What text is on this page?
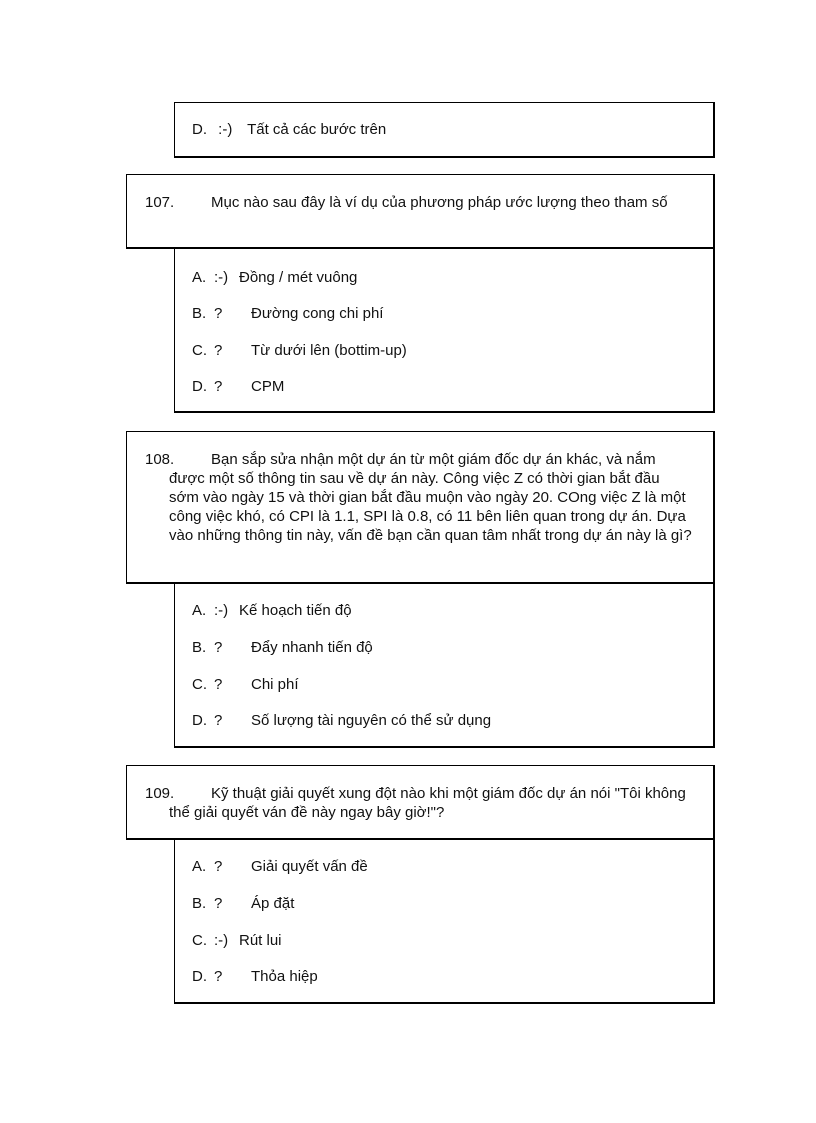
D. :-) Tất cả các bước trên
107. Mục nào sau đây là ví dụ của phương pháp ước lượng theo tham số
A. :-) Đồng / mét vuông
B. ? Đường cong chi phí
C. ? Từ dưới lên (bottim-up)
D. ? CPM
108. Bạn sắp sửa nhận một dự án từ một giám đốc dự án khác, và nắm được một số thông tin sau về dự án này. Công việc Z có thời gian bắt đầu sớm vào ngày 15 và thời gian bắt đầu muộn vào ngày 20. COng việc Z là một công việc khó, có CPI là 1.1, SPI là 0.8, có 11 bên liên quan trong dự án. Dựa vào những thông tin này, vấn đề bạn cần quan tâm nhất trong dự án này là gì?
A. :-) Kế hoạch tiến độ
B. ? Đẩy nhanh tiến độ
C. ? Chi phí
D. ? Số lượng tài nguyên có thể sử dụng
109. Kỹ thuật giải quyết xung đột nào khi một giám đốc dự án nói "Tôi không thể giải quyết ván đề này ngay bây giờ!"?
A. ? Giải quyết vấn đề
B. ? Áp đặt
C. :-) Rút lui
D. ? Thỏa hiệp
